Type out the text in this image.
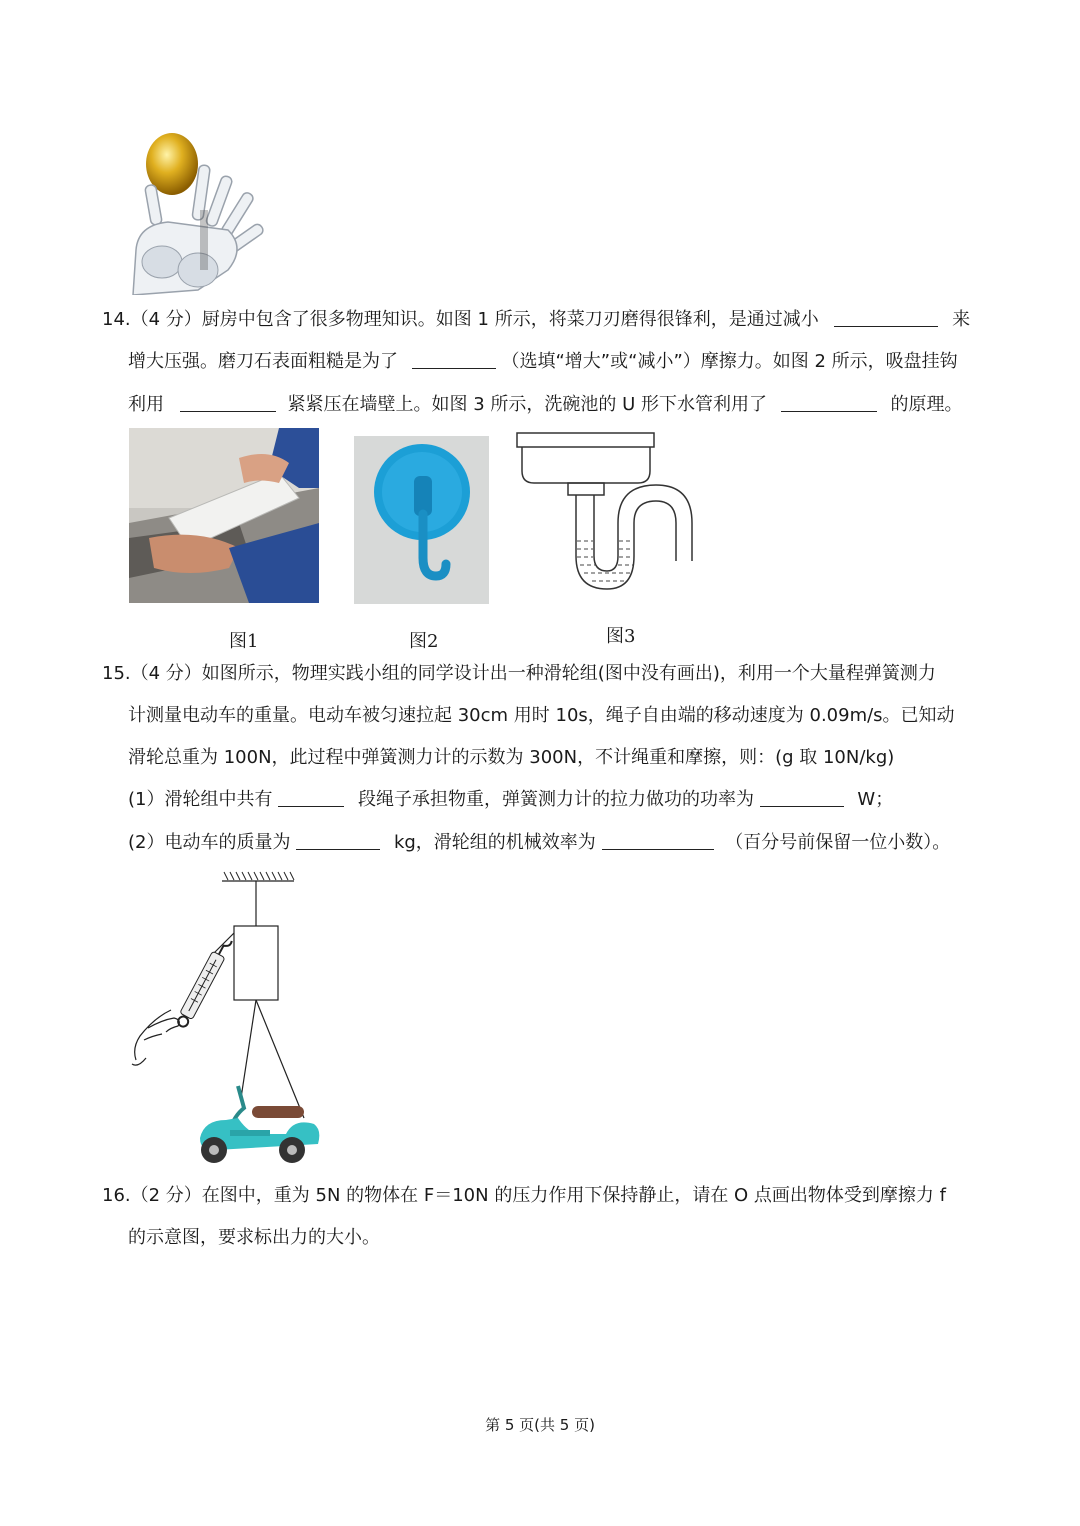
14.（4 分）厨房中包含了很多物理知识。如图 1 所示，将菜刀刃磨得很锋利，是通过减小	来
增大压强。磨刀石表面粗糙是为了	（选填“增大”或“减小”）摩擦力。如图 2 所示，吸盘挂钩
利用	紧紧压在墙壁上。如图 3 所示，洗碗池的 U 形下水管利用了	的原理。
图1	图2	图3
15.（4 分）如图所示，物理实践小组的同学设计出一种滑轮组(图中没有画出)，利用一个大量程弹簧测力
计测量电动车的重量。电动车被匀速拉起 30cm 用时 10s，绳子自由端的移动速度为 0.09m/s。已知动
滑轮总重为 100N，此过程中弹簧测力计的示数为 300N，不计绳重和摩擦，则：(g 取 10N/kg)
(1）滑轮组中共有	段绳子承担物重，弹簧测力计的拉力做功的功率为	W；
(2）电动车的质量为	kg，滑轮组的机械效率为	（百分号前保留一位小数）。
16.（2 分）在图中，重为 5N 的物体在 F＝10N 的压力作用下保持静止，请在 O 点画出物体受到摩擦力 f
的示意图，要求标出力的大小。
第 5 页(共 5 页)
